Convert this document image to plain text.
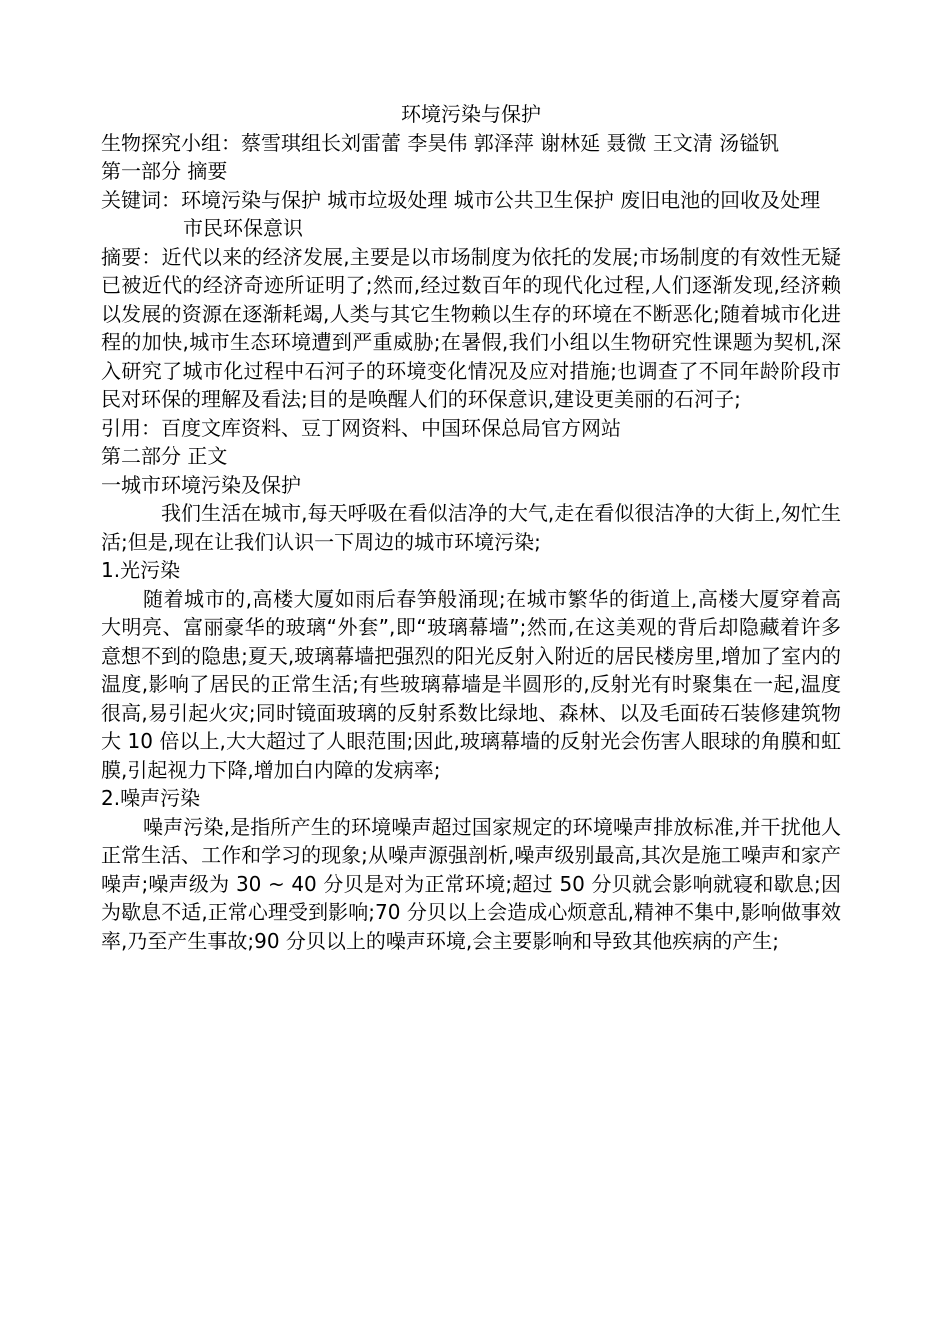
环境污染与保护

生物探究小组：蔡雪琪组长刘雷蕾 李昊伟 郭泽萍 谢林延 聂微 王文清 汤镒钒

第一部分 摘要

关键词：环境污染与保护 城市垃圾处理 城市公共卫生保护 废旧电池的回收及处理

市民环保意识

摘要：近代以来的经济发展,主要是以市场制度为依托的发展;市场制度的有效性无疑已被近代的经济奇迹所证明了;然而,经过数百年的现代化过程,人们逐渐发现,经济赖以发展的资源在逐渐耗竭,人类与其它生物赖以生存的环境在不断恶化;随着城市化进程的加快,城市生态环境遭到严重威胁;在暑假,我们小组以生物研究性课题为契机,深入研究了城市化过程中石河子的环境变化情况及应对措施;也调查了不同年龄阶段市民对环保的理解及看法;目的是唤醒人们的环保意识,建设更美丽的石河子;

引用：百度文库资料、豆丁网资料、中国环保总局官方网站

第二部分 正文

一城市环境污染及保护

我们生活在城市,每天呼吸在看似洁净的大气,走在看似很洁净的大街上,匆忙生活;但是,现在让我们认识一下周边的城市环境污染;

1.光污染

随着城市的,高楼大厦如雨后春笋般涌现;在城市繁华的街道上,高楼大厦穿着高大明亮、富丽豪华的玻璃“外套”,即“玻璃幕墙”;然而,在这美观的背后却隐藏着许多意想不到的隐患;夏天,玻璃幕墙把强烈的阳光反射入附近的居民楼房里,增加了室内的温度,影响了居民的正常生活;有些玻璃幕墙是半圆形的,反射光有时聚集在一起,温度很高,易引起火灾;同时镜面玻璃的反射系数比绿地、森林、以及毛面砖石装修建筑物大 10 倍以上,大大超过了人眼范围;因此,玻璃幕墙的反射光会伤害人眼球的角膜和虹膜,引起视力下降,增加白内障的发病率;

2.噪声污染

噪声污染,是指所产生的环境噪声超过国家规定的环境噪声排放标准,并干扰他人正常生活、工作和学习的现象;从噪声源强剖析,噪声级别最高,其次是施工噪声和家产噪声;噪声级为 30 ~ 40 分贝是对为正常环境;超过 50 分贝就会影响就寝和歇息;因为歇息不适,正常心理受到影响;70 分贝以上会造成心烦意乱,精神不集中,影响做事效率,乃至产生事故;90 分贝以上的噪声环境,会主要影响和导致其他疾病的产生;
